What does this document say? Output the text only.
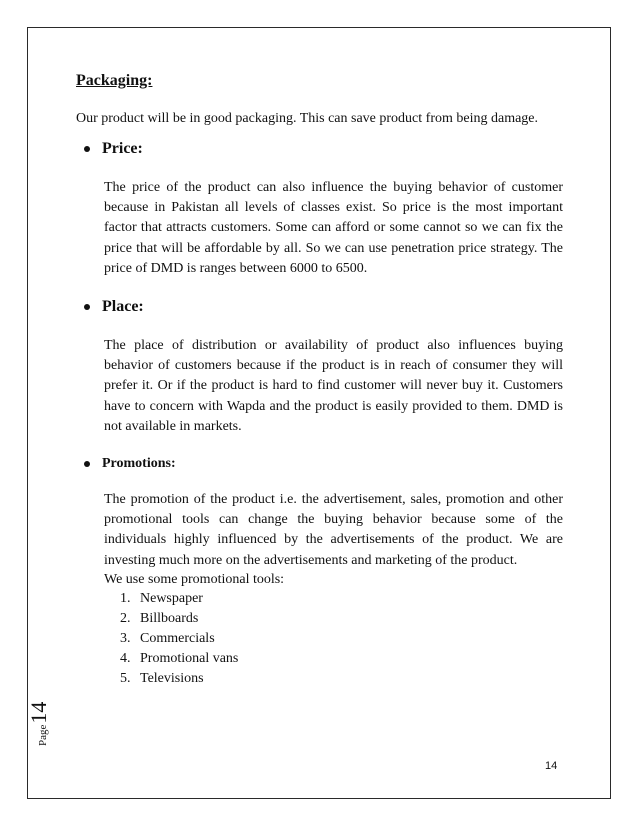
Packaging:
Our product will be in good packaging. This can save product from being damage.
Price:
The price of the product can also influence the buying behavior of customer because in Pakistan all levels of classes exist. So price is the most important factor that attracts customers. Some can afford or some cannot so we can fix the price that will be affordable by all. So we can use penetration price strategy. The price of DMD is ranges between 6000 to 6500.
Place:
The place of distribution or availability of product also influences buying behavior of customers because if the product is in reach of consumer they will prefer it. Or if the product is hard to find customer will never buy it. Customers have to concern with Wapda and the product is easily provided to them. DMD is not available in markets.
Promotions:
The promotion of the product i.e. the advertisement, sales, promotion and other promotional tools can change the buying behavior because some of the individuals highly influenced by the advertisements of the product. We are investing much more on the advertisements and marketing of the product.
We use some promotional tools:
1. Newspaper
2. Billboards
3. Commercials
4. Promotional vans
5. Televisions
Page
14
14
